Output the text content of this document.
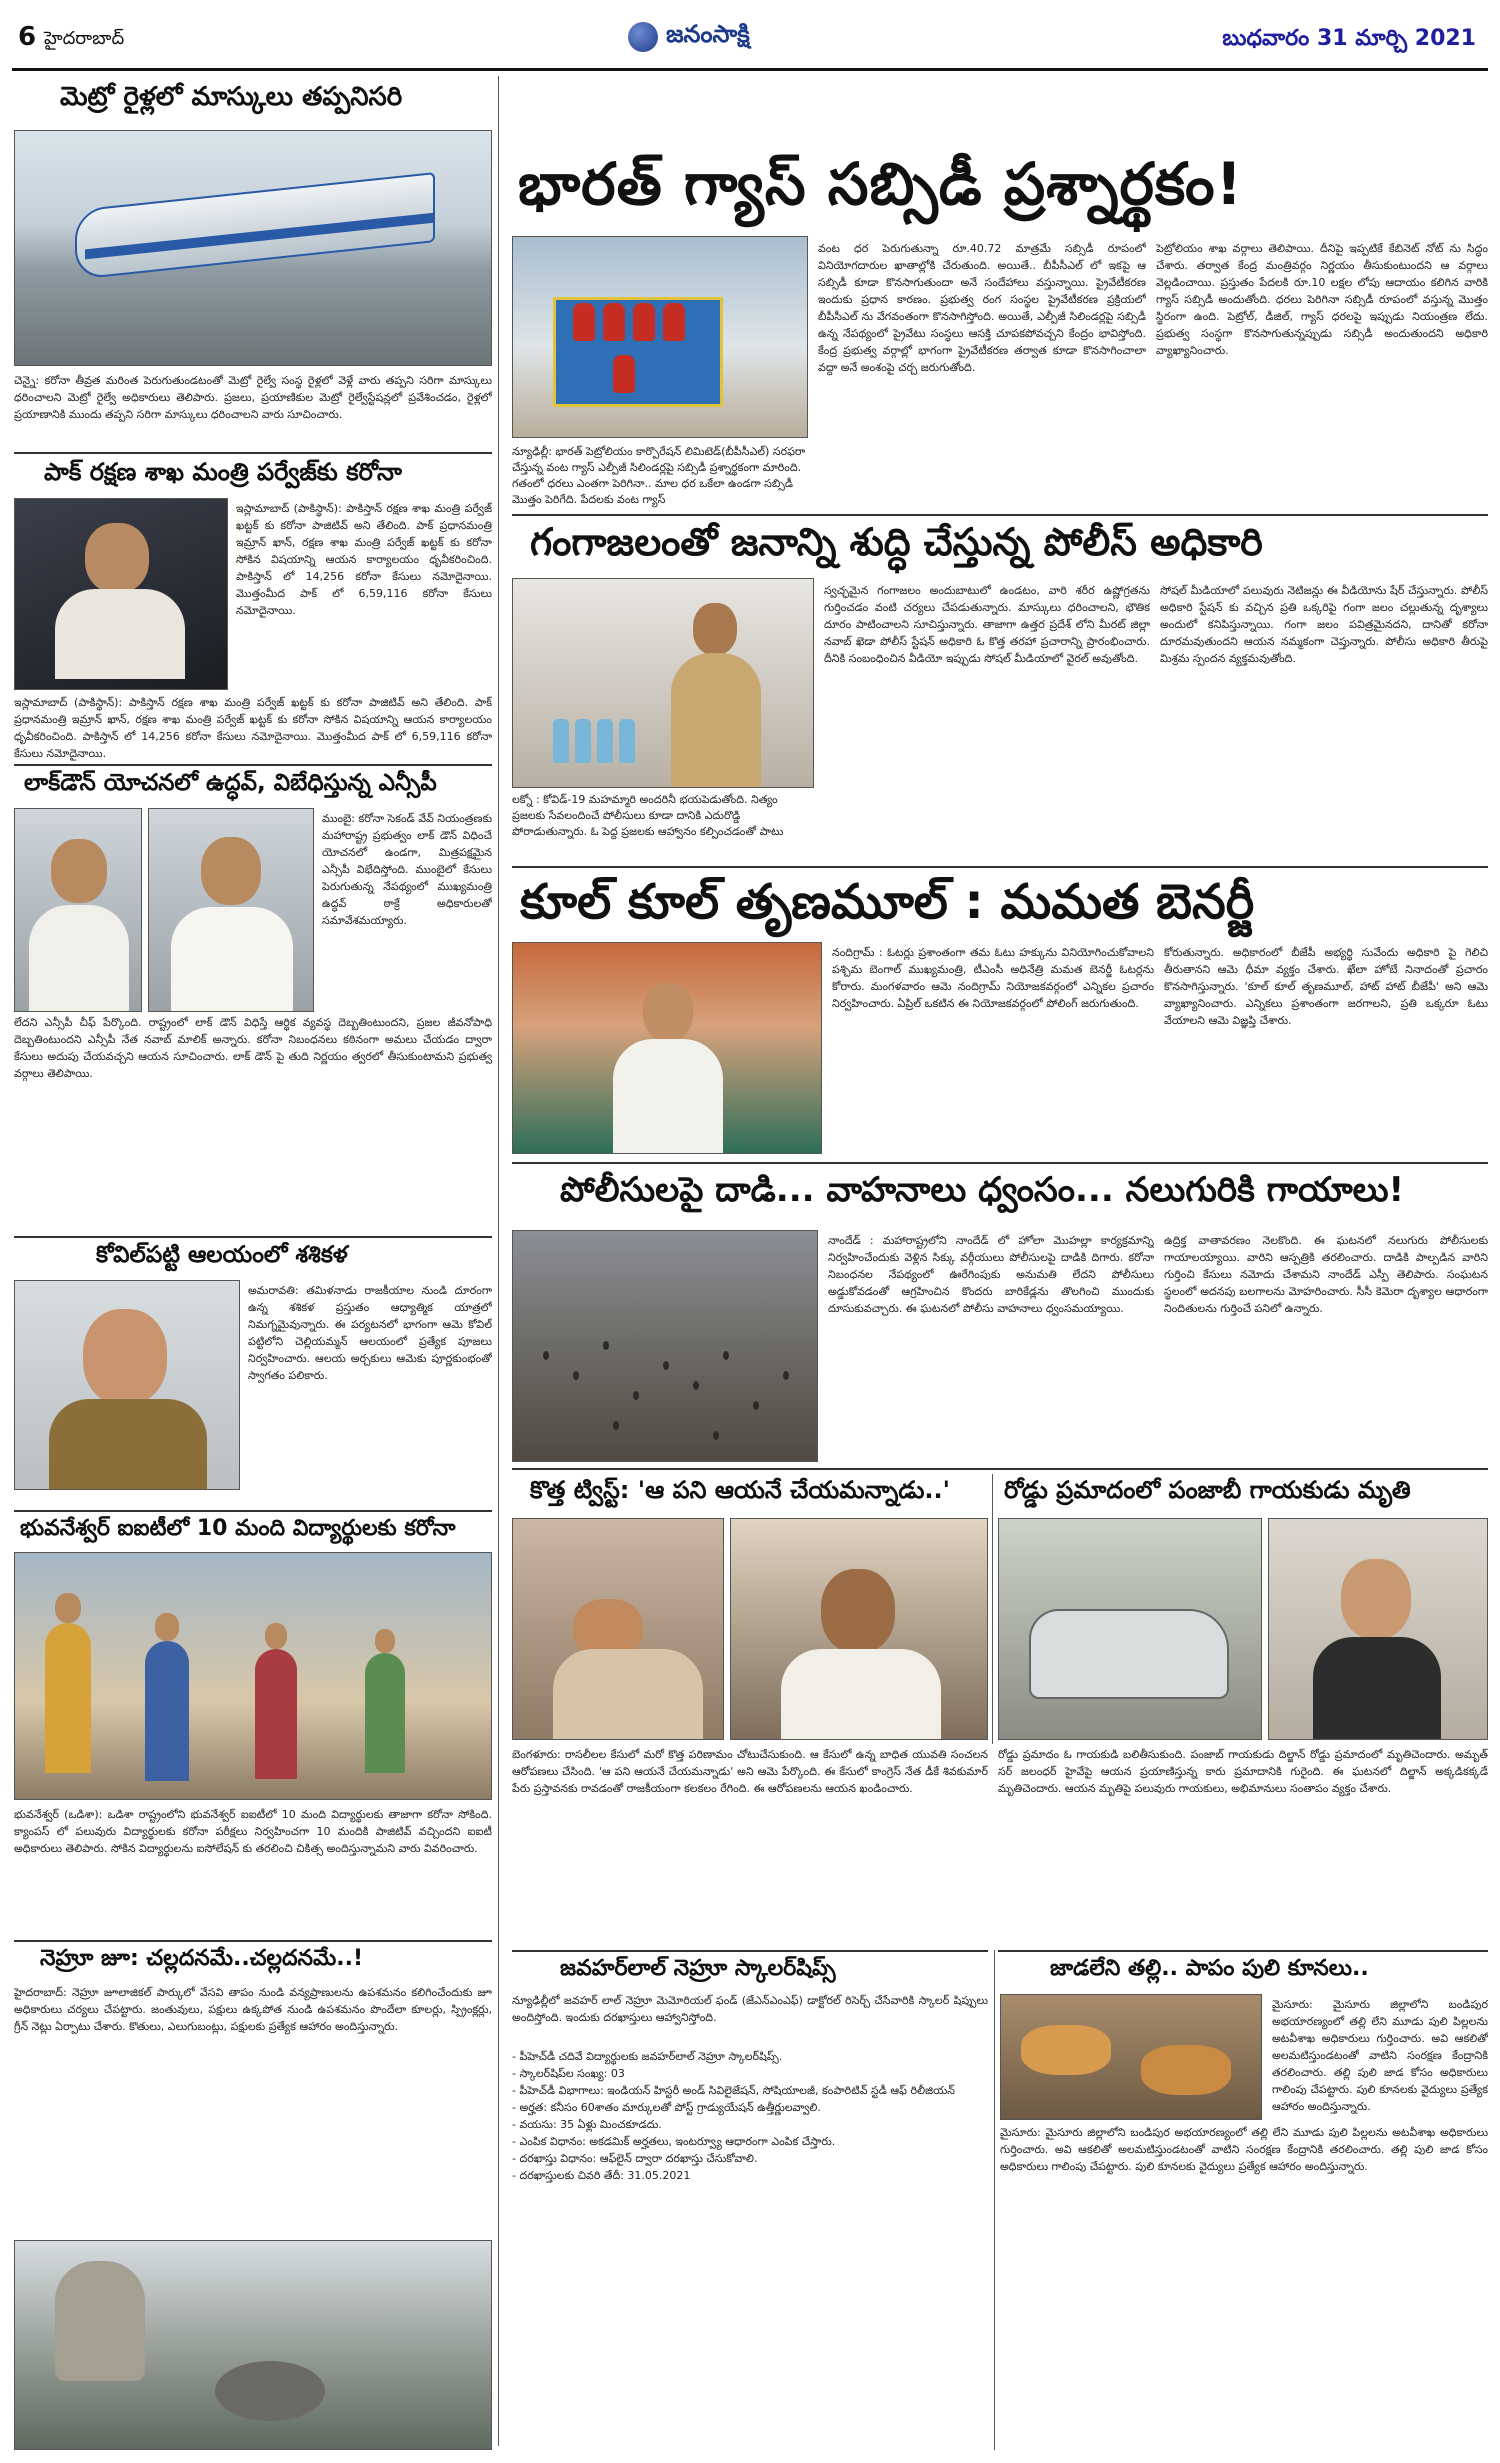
6 హైదరాబాద్	జనంసాక్షి	బుధవారం 31 మార్చి 2021
మెట్రో రైళ్లలో మాస్కులు తప్పనిసరి
చెన్నై: కరోనా తీవ్రత మరింత పెరుగుతుండటంతో మెట్రో రైల్వే సంస్థ రైళ్లలో వెళ్లే వారు తప్పని సరిగా మాస్కులు ధరించాలని మెట్రో రైల్వే అధికారులు తెలిపారు. ప్రజలు, ప్రయాణికుల మెట్రో రైల్వేస్టేషన్లలో ప్రవేశించడం, రైళ్లలో ప్రయాణానికి ముందు తప్పని సరిగా మాస్కులు ధరించాలని వారు సూచించారు.
పాక్ రక్షణ శాఖ మంత్రి పర్వేజ్‌కు కరోనా
ఇస్లామాబాద్ (పాకిస్థాన్): పాకిస్తాన్ రక్షణ శాఖ మంత్రి పర్వేజ్ ఖట్టక్ కు కరోనా పాజిటివ్ అని తేలింది. పాక్ ప్రధానమంత్రి ఇమ్రాన్ ఖాన్, రక్షణ శాఖ మంత్రి పర్వేజ్ ఖట్టక్ కు కరోనా సోకిన విషయాన్ని ఆయన కార్యాలయం ధృవీకరించింది. పాకిస్తాన్ లో 14,256 కరోనా కేసులు నమోదైనాయి. మొత్తంమీద పాక్ లో 6,59,116 కరోనా కేసులు నమోదైనాయి.
ఇస్లామాబాద్ (పాకిస్థాన్): పాకిస్తాన్ రక్షణ శాఖ మంత్రి పర్వేజ్ ఖట్టక్ కు కరోనా పాజిటివ్ అని తేలింది. పాక్ ప్రధానమంత్రి ఇమ్రాన్ ఖాన్, రక్షణ శాఖ మంత్రి పర్వేజ్ ఖట్టక్ కు కరోనా సోకిన విషయాన్ని ఆయన కార్యాలయం ధృవీకరించింది. పాకిస్తాన్ లో 14,256 కరోనా కేసులు నమోదైనాయి. మొత్తంమీద పాక్ లో 6,59,116 కరోనా కేసులు నమోదైనాయి.
లాక్‌డౌన్ యోచనలో ఉద్ధవ్, విబేధిస్తున్న ఎన్సీపీ
ముంబై: కరోనా సెకండ్ వేవ్ నియంత్రణకు మహారాష్ట్ర ప్రభుత్వం లాక్ డౌన్ విధించే యోచనలో ఉండగా, మిత్రపక్షమైన ఎన్సీపీ విభేదిస్తోంది. ముంబైలో కేసులు పెరుగుతున్న నేపథ్యంలో ముఖ్యమంత్రి ఉద్ధవ్ ఠాక్రే అధికారులతో సమావేశమయ్యారు.
లేదని ఎన్సీపీ చీఫ్ పేర్కొంది. రాష్ట్రంలో లాక్ డౌన్ విధిస్తే ఆర్థిక వ్యవస్థ దెబ్బతింటుందని, ప్రజల జీవనోపాధి దెబ్బతింటుందని ఎన్సీపీ నేత నవాబ్ మాలిక్ అన్నారు. కరోనా నిబంధనలు కఠినంగా అమలు చేయడం ద్వారా కేసులు అదుపు చేయవచ్చని ఆయన సూచించారు. లాక్ డౌన్ పై తుది నిర్ణయం త్వరలో తీసుకుంటామని ప్రభుత్వ వర్గాలు తెలిపాయి.
కోవిల్‌పట్టి ఆలయంలో శశికళ
అమరావతి: తమిళనాడు రాజకీయాల నుండి దూరంగా ఉన్న శశికళ ప్రస్తుతం ఆధ్యాత్మిక యాత్రలో నిమగ్నమైవున్నారు. ఈ పర్యటనలో భాగంగా ఆమె కోవిల్ పట్టిలోని చెల్లియమ్మన్ ఆలయంలో ప్రత్యేక పూజలు నిర్వహించారు. ఆలయ అర్చకులు ఆమెకు పూర్ణకుంభంతో స్వాగతం పలికారు.
భువనేశ్వర్ ఐఐటీలో 10 మంది విద్యార్థులకు కరోనా
భువనేశ్వర్ (ఒడిశా): ఒడిశా రాష్ట్రంలోని భువనేశ్వర్ ఐఐటీలో 10 మంది విద్యార్థులకు తాజాగా కరోనా సోకింది. క్యాంపస్ లో పలువురు విద్యార్థులకు కరోనా పరీక్షలు నిర్వహించగా 10 మందికి పాజిటివ్ వచ్చిందని ఐఐటీ అధికారులు తెలిపారు. సోకిన విద్యార్థులను ఐసోలేషన్ కు తరలించి చికిత్స అందిస్తున్నామని వారు వివరించారు.
నెహ్రూ జూ: చల్లదనమే..చల్లదనమే..!
హైదరాబాద్: నెహ్రూ జూలాజికల్ పార్కులో వేసవి తాపం నుండి వన్యప్రాణులను ఉపశమనం కలిగించేందుకు జూ అధికారులు చర్యలు చేపట్టారు. జంతువులు, పక్షులు ఉక్కపోత నుండి ఉపశమనం పొందేలా కూలర్లు, స్ప్రింక్లర్లు, గ్రీన్ నెట్లు ఏర్పాటు చేశారు. కొతులు, ఎలుగుబంట్లు, పక్షులకు ప్రత్యేక ఆహారం అందిస్తున్నారు.
భారత్ గ్యాస్ సబ్సిడీ ప్రశ్నార్థకం!
న్యూఢిల్లీ: భారత్ పెట్రోలియం కార్పొరేషన్ లిమిటెడ్(బీపీసీఎల్) సరఫరా చేస్తున్న వంట గ్యాస్ ఎల్పీజీ సిలిండర్లపై సబ్సిడీ ప్రశ్నార్థకంగా మారింది. గతంలో ధరలు ఎంతగా పెరిగినా.. మాల ధర ఒకేలా ఉండగా సబ్సిడీ మొత్తం పెరిగేది. పేదలకు వంట గ్యాస్
వంట ధర పెరుగుతున్నా రూ.40.72 మాత్రమే సబ్సిడీ రూపంలో వినియోగదారుల ఖాతాల్లోకి చేరుతుంది. అయితే.. బీపీసీఎల్ లో ఇకపై ఆ సబ్సిడీ కూడా కొనసాగుతుందా అనే సందేహాలు వస్తున్నాయి. ప్రైవేటీకరణ ఇందుకు ప్రధాన కారణం. ప్రభుత్వ రంగ సంస్థల ప్రైవేటీకరణ ప్రక్రియలో బీపీసీఎల్ ను వేగవంతంగా కొనసాగిస్తోంది. అయితే, ఎల్పీజీ సిలిండర్లపై సబ్సిడీ ఉన్న నేపథ్యంలో ప్రైవేటు సంస్థలు ఆసక్తి చూపకపోవచ్చని కేంద్రం భావిస్తోంది. కేంద్ర ప్రభుత్వ వర్గాల్లో భాగంగా ప్రైవేటీకరణ తర్వాత కూడా కొనసాగించాలా వద్దా అనే అంశంపై చర్చ జరుగుతోంది.
పెట్రోలియం శాఖ వర్గాలు తెలిపాయి. దీనిపై ఇప్పటికే కేబినెట్ నోట్ ను సిద్ధం చేశారు. తర్వాత కేంద్ర మంత్రివర్గం నిర్ణయం తీసుకుంటుందని ఆ వర్గాలు వెల్లడించాయి. ప్రస్తుతం పేదలకి రూ.10 లక్షల లోపు ఆదాయం కలిగిన వారికి గ్యాస్ సబ్సిడీ అందుతోంది. ధరలు పెరిగినా సబ్సిడీ రూపంలో వస్తున్న మొత్తం స్థిరంగా ఉంది. పెట్రోల్, డీజిల్, గ్యాస్ ధరలపై ఇప్పుడు నియంత్రణ లేదు. ప్రభుత్వ సంస్థగా కొనసాగుతున్నప్పుడు సబ్సిడీ అందుతుందని అధికారి వ్యాఖ్యానించారు.
గంగాజలంతో జనాన్ని శుద్ధి చేస్తున్న పోలీస్ అధికారి
లక్నో : కోవిడ్-19 మహమ్మారి అందరినీ భయపెడుతోంది. నిత్యం ప్రజలకు సేవలందించే పోలీసులు కూడా దానికి ఎదురొడ్డి పోరాడుతున్నారు. ఓ పెద్ద ప్రజలకు ఆహ్వానం కల్పించడంతో పాటు
స్వచ్ఛమైన గంగాజలం అందుబాటులో ఉండటం, వారి శరీర ఉష్ణోగ్రతను గుర్తించడం వంటి చర్యలు చేపడుతున్నారు. మాస్కులు ధరించాలని, భౌతిక దూరం పాటించాలని సూచిస్తున్నారు. తాజాగా ఉత్తర ప్రదేశ్ లోని మీరట్ జిల్లా నవాబ్ ఖెడా పోలీస్ స్టేషన్ అధికారి ఓ కొత్త తరహా ప్రచారాన్ని ప్రారంభించారు. దీనికి సంబంధించిన వీడియో ఇప్పుడు సోషల్ మీడియాలో వైరల్ అవుతోంది.
సోషల్ మీడియాలో పలువురు నెటిజన్లు ఈ వీడియోను షేర్ చేస్తున్నారు. పోలీస్ అధికారి స్టేషన్ కు వచ్చిన ప్రతి ఒక్కరిపై గంగా జలం చల్లుతున్న దృశ్యాలు అందులో కనిపిస్తున్నాయి. గంగా జలం పవిత్రమైనదని, దానితో కరోనా దూరమవుతుందని ఆయన నమ్మకంగా చెప్తున్నారు. పోలీసు అధికారి తీరుపై మిశ్రమ స్పందన వ్యక్తమవుతోంది.
కూల్ కూల్ తృణమూల్ : మమత బెనర్జీ
నందిగ్రామ్ : ఓటర్లు ప్రశాంతంగా తమ ఓటు హక్కును వినియోగించుకోవాలని పశ్చిమ బెంగాల్ ముఖ్యమంత్రి, టీఎంసీ అధినేత్రి మమత బెనర్జీ ఓటర్లను కోరారు. మంగళవారం ఆమె నందిగ్రామ్ నియోజకవర్గంలో ఎన్నికల ప్రచారం నిర్వహించారు. ఏప్రిల్ ఒకటిన ఈ నియోజకవర్గంలో పోలింగ్ జరుగుతుంది.
కోరుతున్నారు. అధికారంలో బీజేపీ అభ్యర్థి సువేందు అధికారి పై గెలిచి తీరుతానని ఆమె ధీమా వ్యక్తం చేశారు. ఖేలా హోబే నినాదంతో ప్రచారం కొనసాగిస్తున్నారు. 'కూల్ కూల్ తృణమూల్, హాట్ హాట్ బీజేపీ' అని ఆమె వ్యాఖ్యానించారు. ఎన్నికలు ప్రశాంతంగా జరగాలని, ప్రతి ఒక్కరూ ఓటు వేయాలని ఆమె విజ్ఞప్తి చేశారు.
పోలీసులపై దాడి... వాహనాలు ధ్వంసం... నలుగురికి గాయాలు!
నాందేడ్ : మహారాష్ట్రలోని నాందేడ్ లో హోలా మొహల్లా కార్యక్రమాన్ని నిర్వహించేందుకు వెళ్లిన సిక్కు వర్గీయులు పోలీసులపై దాడికి దిగారు. కరోనా నిబంధనల నేపథ్యంలో ఊరేగింపుకు అనుమతి లేదని పోలీసులు అడ్డుకోవడంతో ఆగ్రహించిన కొందరు బారికేడ్లను తొలగించి ముందుకు దూసుకువచ్చారు. ఈ ఘటనలో పోలీసు వాహనాలు ధ్వంసమయ్యాయి.
ఉద్రిక్త వాతావరణం నెలకొంది. ఈ ఘటనలో నలుగురు పోలీసులకు గాయాలయ్యాయి. వారిని ఆస్పత్రికి తరలించారు. దాడికి పాల్పడిన వారిని గుర్తించి కేసులు నమోదు చేశామని నాందేడ్ ఎస్పీ తెలిపారు. సంఘటన స్థలంలో అదనపు బలగాలను మోహరించారు. సీసీ కెమెరా దృశ్యాల ఆధారంగా నిందితులను గుర్తించే పనిలో ఉన్నారు.
కొత్త ట్విస్ట్: 'ఆ పని ఆయనే చేయమన్నాడు..'	రోడ్డు ప్రమాదంలో పంజాబీ గాయకుడు మృతి
బెంగళూరు: రాసలీలల కేసులో మరో కొత్త పరిణామం చోటుచేసుకుంది. ఆ కేసులో ఉన్న బాధిత యువతి సంచలన ఆరోపణలు చేసింది. 'ఆ పని ఆయనే చేయమన్నాడు' అని ఆమె పేర్కొంది. ఈ కేసులో కాంగ్రెస్ నేత డీకే శివకుమార్ పేరు ప్రస్తావనకు రావడంతో రాజకీయంగా కలకలం రేగింది. ఈ ఆరోపణలను ఆయన ఖండించారు.
రోడ్డు ప్రమాదం ఓ గాయకుడి బలితీసుకుంది. పంజాబ్ గాయకుడు దిల్జాన్ రోడ్డు ప్రమాదంలో మృతిచెందారు. అమృత్ సర్ జలంధర్ హైవేపై ఆయన ప్రయాణిస్తున్న కారు ప్రమాదానికి గురైంది. ఈ ఘటనలో దిల్జాన్ అక్కడికక్కడే మృతిచెందారు. ఆయన మృతిపై పలువురు గాయకులు, అభిమానులు సంతాపం వ్యక్తం చేశారు.
జవహర్‌లాల్ నెహ్రూ స్కాలర్‌షిప్స్
న్యూఢిల్లీలో జవహర్ లాల్ నెహ్రూ మెమోరియల్ ఫండ్ (జేఎన్ఎంఎఫ్) డాక్టోరల్ రిసెర్చ్ చేసేవారికి స్కాలర్ షిప్పులు అందిస్తోంది. ఇందుకు దరఖాస్తులు ఆహ్వానిస్తోంది.
- పీహెచ్‌డీ చదివే విద్యార్థులకు జవహర్‌లాల్ నెహ్రూ స్కాలర్‌షిప్స్.
- స్కాలర్‌షిప్‌ల సంఖ్య: 03
- పీహెచ్‌డీ విభాగాలు: ఇండియన్ హిస్టరీ అండ్ సివిలైజేషన్, సోషియాలజీ, కంపారిటివ్ స్టడీ ఆఫ్ రిలీజియన్
- అర్హత: కనీసం 60శాతం మార్కులతో పోస్ట్ గ్రాడ్యుయేషన్ ఉత్తీర్ణులవ్వాలి.
- వయసు: 35 ఏళ్లు మించకూడదు.
- ఎంపిక విధానం: అకడమిక్ అర్హతలు, ఇంటర్వ్యూ ఆధారంగా ఎంపిక చేస్తారు.
- దరఖాస్తు విధానం: ఆఫ్‌లైన్ ద్వారా దరఖాస్తు చేసుకోవాలి.
- దరఖాస్తులకు చివరి తేదీ: 31.05.2021
జాడలేని తల్లి.. పాపం పులి కూనలు..
మైసూరు: మైసూరు జిల్లాలోని బండిపుర అభయారణ్యంలో తల్లి లేని మూడు పులి పిల్లలను అటవీశాఖ అధికారులు గుర్తించారు. అవి ఆకలితో అలమటిస్తుండటంతో వాటిని సంరక్షణ కేంద్రానికి తరలించారు. తల్లి పులి జాడ కోసం అధికారులు గాలింపు చేపట్టారు. పులి కూనలకు వైద్యులు ప్రత్యేక ఆహారం అందిస్తున్నారు.
మైసూరు: మైసూరు జిల్లాలోని బండిపుర అభయారణ్యంలో తల్లి లేని మూడు పులి పిల్లలను అటవీశాఖ అధికారులు గుర్తించారు. అవి ఆకలితో అలమటిస్తుండటంతో వాటిని సంరక్షణ కేంద్రానికి తరలించారు. తల్లి పులి జాడ కోసం అధికారులు గాలింపు చేపట్టారు. పులి కూనలకు వైద్యులు ప్రత్యేక ఆహారం అందిస్తున్నారు.
